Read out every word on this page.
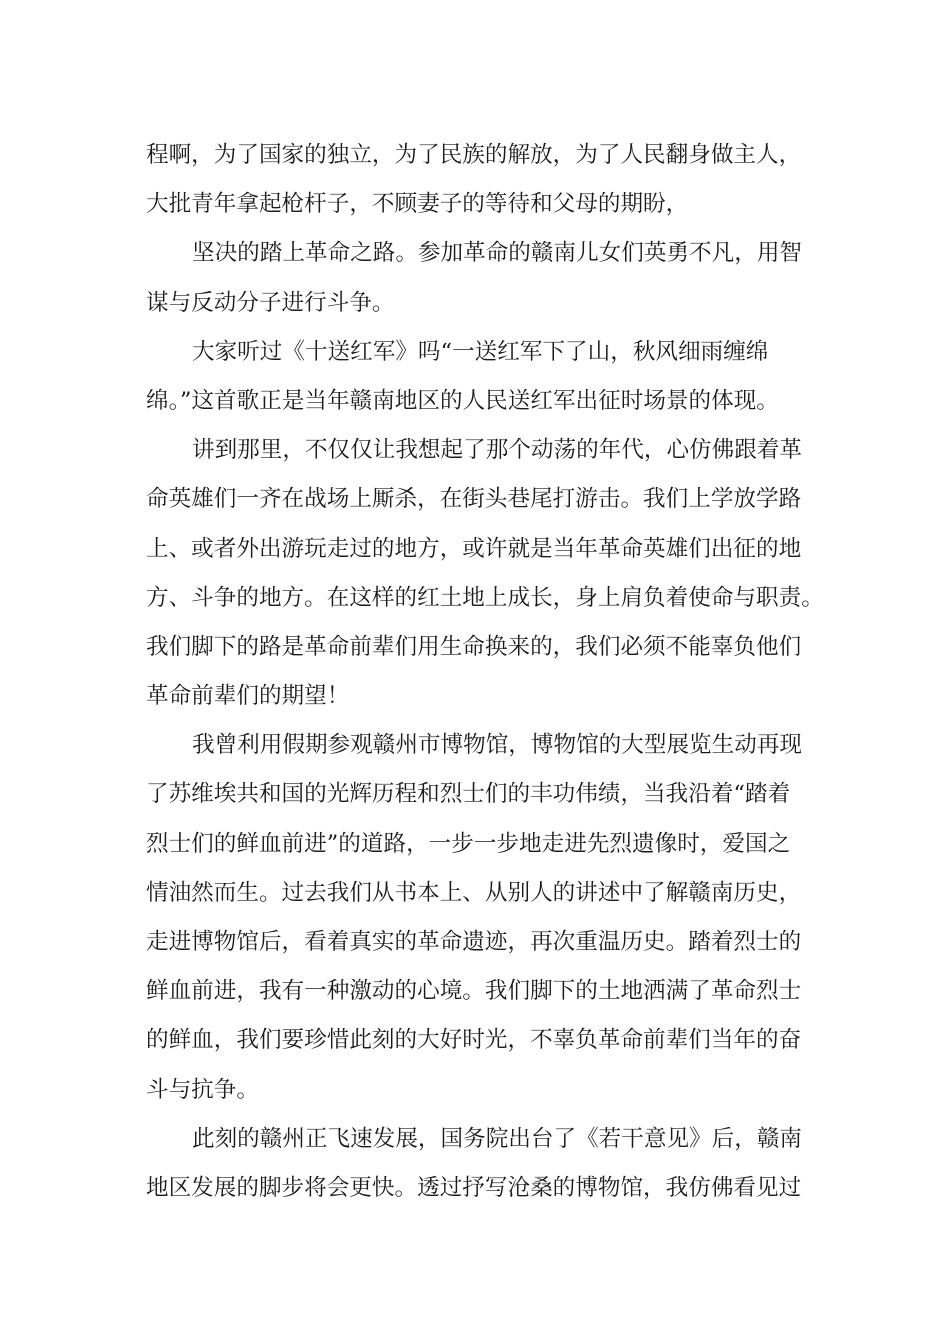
程啊，为了国家的独立，为了民族的解放，为了人民翻身做主人，
大批青年拿起枪杆子，不顾妻子的等待和父母的期盼，
坚决的踏上革命之路。参加革命的赣南儿女们英勇不凡，用智
谋与反动分子进行斗争。
大家听过《十送红军》吗“一送红军下了山，秋风细雨缠绵
绵。”这首歌正是当年赣南地区的人民送红军出征时场景的体现。
讲到那里，不仅仅让我想起了那个动荡的年代，心仿佛跟着革
命英雄们一齐在战场上厮杀，在街头巷尾打游击。我们上学放学路
上、或者外出游玩走过的地方，或许就是当年革命英雄们出征的地
方、斗争的地方。在这样的红土地上成长，身上肩负着使命与职责。
我们脚下的路是革命前辈们用生命换来的，我们必须不能辜负他们
革命前辈们的期望！
我曾利用假期参观赣州市博物馆，博物馆的大型展览生动再现
了苏维埃共和国的光辉历程和烈士们的丰功伟绩，当我沿着“踏着
烈士们的鲜血前进”的道路，一步一步地走进先烈遗像时，爱国之
情油然而生。过去我们从书本上、从别人的讲述中了解赣南历史，
走进博物馆后，看着真实的革命遗迹，再次重温历史。踏着烈士的
鲜血前进，我有一种激动的心境。我们脚下的土地洒满了革命烈士
的鲜血，我们要珍惜此刻的大好时光，不辜负革命前辈们当年的奋
斗与抗争。
此刻的赣州正飞速发展，国务院出台了《若干意见》后，赣南
地区发展的脚步将会更快。透过抒写沧桑的博物馆，我仿佛看见过
